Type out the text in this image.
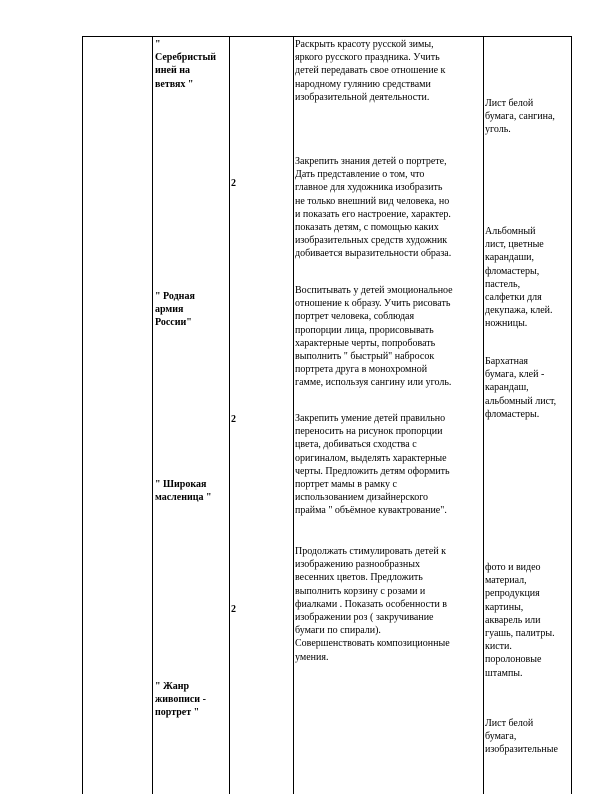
"
Серебристый
иней на
ветвях "
" Родная
армия
России"
" Широкая
масленица "
" Жанр
живописи -
портрет "
2
2
2
Раскрыть красоту русской зимы,
яркого русского праздника. Учить
детей передавать свое отношение к
народному гулянию средствами
изобразительной деятельности.
Закрепить знания детей о портрете,
Дать представление о том, что
главное для художника изобразить
не только внешний вид человека, но
и показать его настроение, характер.
показать детям, с помощью каких
изобразительных средств художник
добивается выразительности образа.
Воспитывать у детей эмоциональное
отношение к образу. Учить рисовать
портрет человека, соблюдая
пропорции лица, прорисовывать
характерные черты, попробовать
выполнить " быстрый" набросок
портрета друга в монохромной
гамме, используя сангину или уголь.
Закрепить умение детей правильно
переносить на рисунок пропорции
цвета, добиваться сходства с
оригиналом, выделять характерные
черты. Предложить детям оформить
портрет мамы в рамку с
использованием дизайнерского
прайма " объёмное кувактрование".
Продолжать стимулировать детей к
изображению разнообразных
весенних цветов. Предложить
выполнить корзину с розами и
фиалками . Показать особенности в
изображении роз ( закручивание
бумаги по спирали).
Совершенствовать композиционные
умения.
Лист белой
бумага, сангина,
уголь.
Альбомный
лист, цветные
карандаши,
фломастеры,
пастель,
салфетки для
декупажа, клей.
ножницы.
Бархатная
бумага, клей -
карандаш,
альбомный лист,
фломастеры.
фото и видео
материал,
репродукция
картины,
акварель или
гуашь, палитры.
кисти.
поролоновые
штампы.
Лист белой
бумага,
изобразительные
